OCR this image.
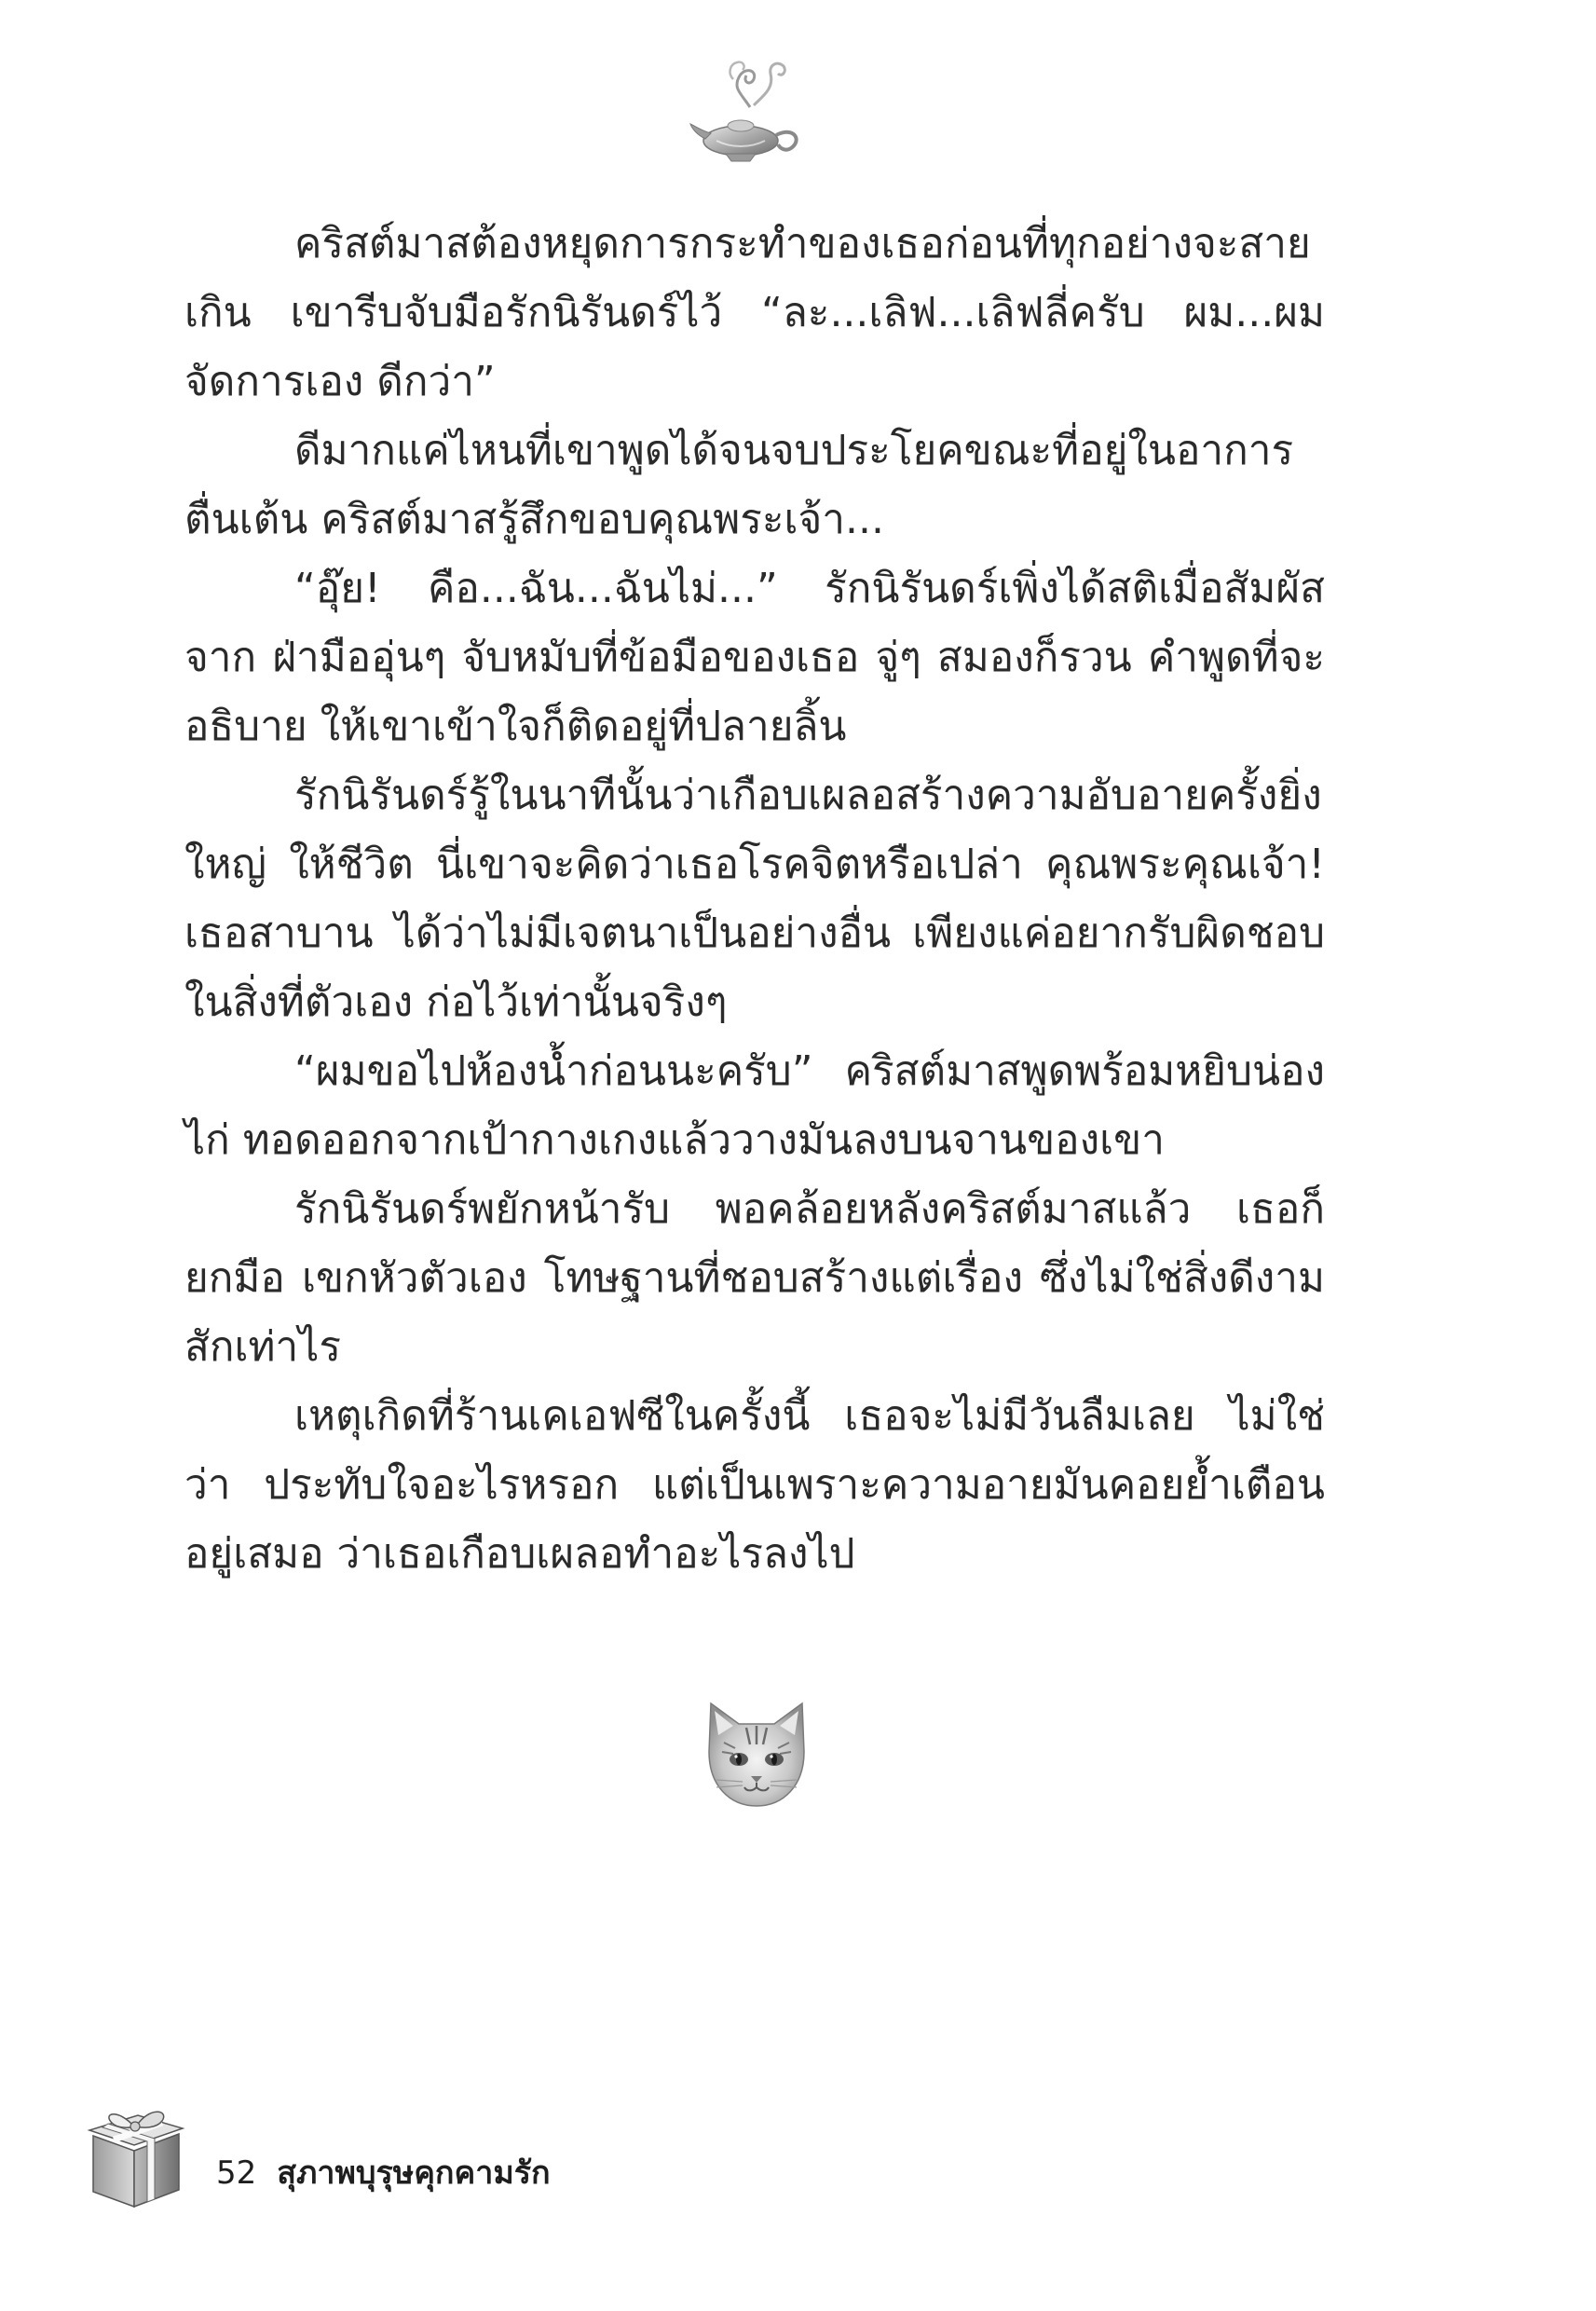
คริสต์มาสต้องหยุดการกระทำของเธอก่อนที่ทุกอย่างจะสายเกิน เขารีบจับมือรักนิรันดร์ไว้ “ละ...เลิฟ...เลิฟลี่ครับ ผม...ผมจัดการเอง ดีกว่า”

ดีมากแค่ไหนที่เขาพูดได้จนจบประโยคขณะที่อยู่ในอาการตื่นเต้น คริสต์มาสรู้สึกขอบคุณพระเจ้า...

“อุ๊ย! คือ...ฉัน...ฉันไม่...” รักนิรันดร์เพิ่งได้สติเมื่อสัมผัสจาก ฝ่ามืออุ่นๆ จับหมับที่ข้อมือของเธอ จู่ๆ สมองก็รวน คำพูดที่จะอธิบาย ให้เขาเข้าใจก็ติดอยู่ที่ปลายลิ้น

รักนิรันดร์รู้ในนาทีนั้นว่าเกือบเผลอสร้างความอับอายครั้งยิ่งใหญ่ ให้ชีวิต นี่เขาจะคิดว่าเธอโรคจิตหรือเปล่า คุณพระคุณเจ้า! เธอสาบาน ได้ว่าไม่มีเจตนาเป็นอย่างอื่น เพียงแค่อยากรับผิดชอบในสิ่งที่ตัวเอง ก่อไว้เท่านั้นจริงๆ

“ผมขอไปห้องน้ำก่อนนะครับ” คริสต์มาสพูดพร้อมหยิบน่องไก่ ทอดออกจากเป้ากางเกงแล้ววางมันลงบนจานของเขา

รักนิรันดร์พยักหน้ารับ พอคล้อยหลังคริสต์มาสแล้ว เธอก็ยกมือ เขกหัวตัวเอง โทษฐานที่ชอบสร้างแต่เรื่อง ซึ่งไม่ใช่สิ่งดีงามสักเท่าไร

เหตุเกิดที่ร้านเคเอฟซีในครั้งนี้ เธอจะไม่มีวันลืมเลย ไม่ใช่ว่า ประทับใจอะไรหรอก แต่เป็นเพราะความอายมันคอยย้ำเตือนอยู่เสมอ ว่าเธอเกือบเผลอทำอะไรลงไป

52 สุภาพบุรุษคุกคามรัก
